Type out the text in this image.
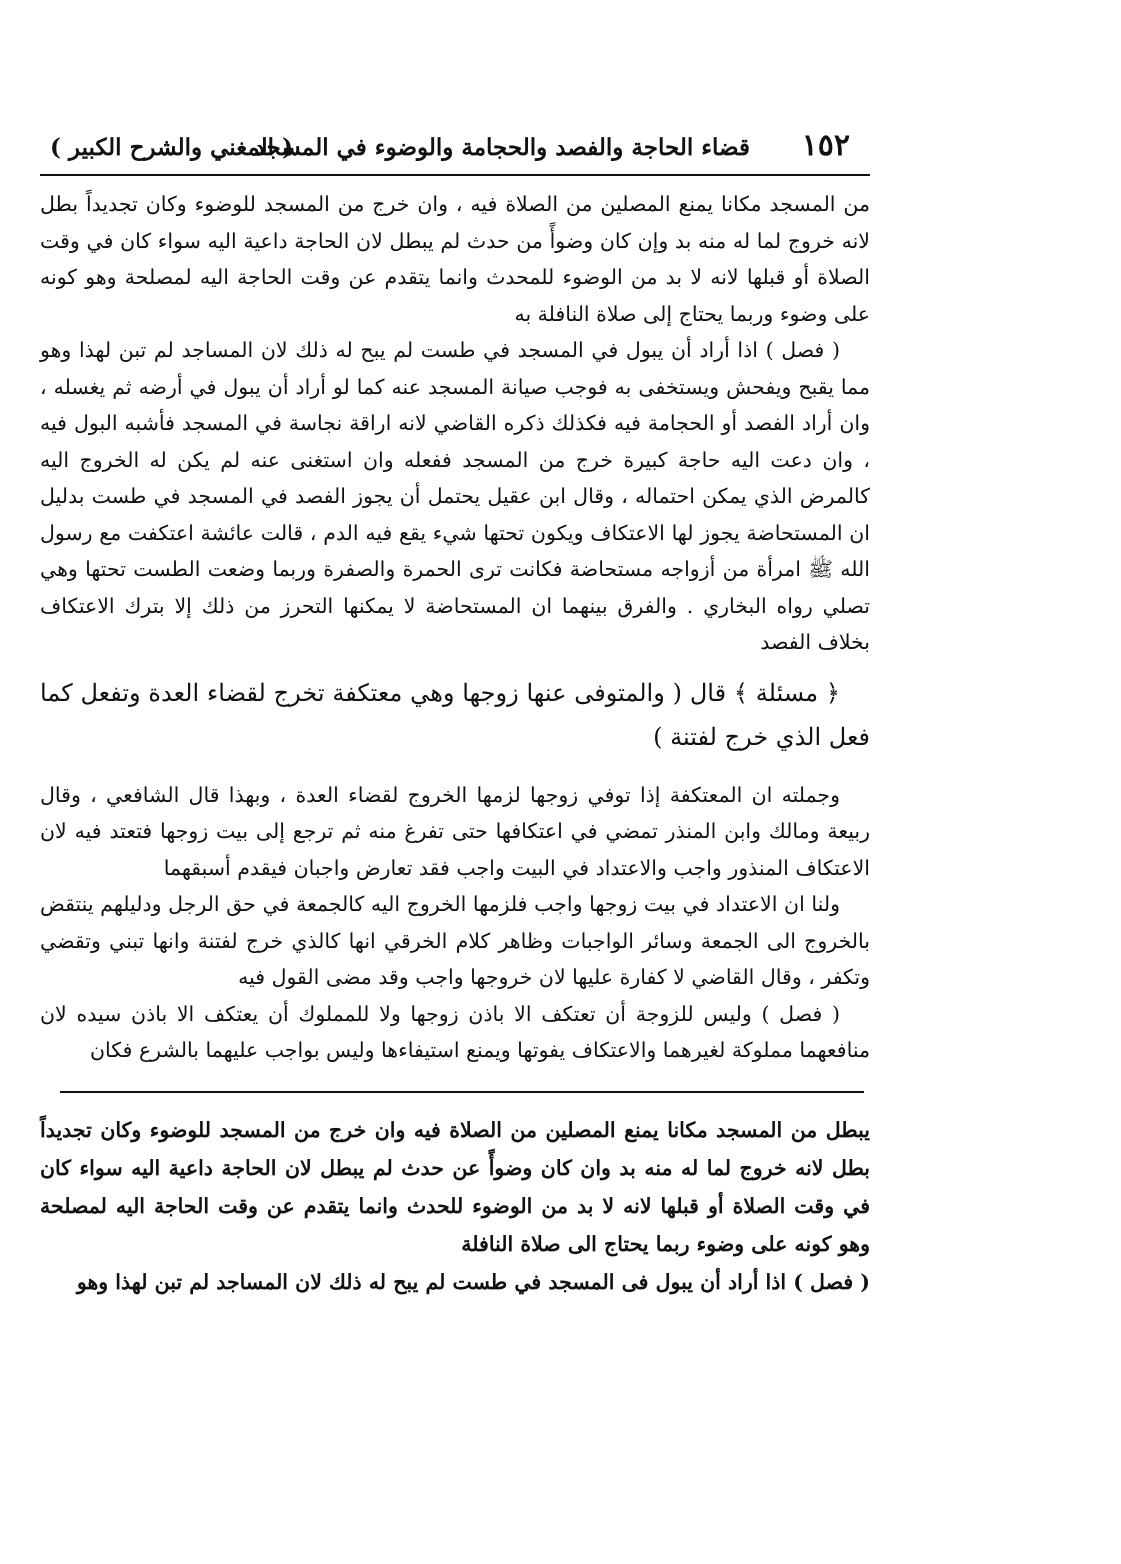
١٥٢
قضاء الحاجة والفصد والحجامة والوضوء في المسجد
( المغني والشرح الكبير )

من المسجد مكانا يمنع المصلين من الصلاة فيه ، وان خرج من المسجد للوضوء وكان تجديداً بطل لانه خروج لما له منه بد وإن كان وضوأً من حدث لم يبطل لان الحاجة داعية اليه سواء كان في وقت الصلاة أو قبلها لانه لا بد من الوضوء للمحدث وانما يتقدم عن وقت الحاجة اليه لمصلحة وهو كونه على وضوء وربما يحتاج إلى صلاة النافلة به

( فصل ) اذا أراد أن يبول في المسجد في طست لم يبح له ذلك لان المساجد لم تبن لهذا وهو مما يقبح ويفحش ويستخفى به فوجب صيانة المسجد عنه كما لو أراد أن يبول في أرضه ثم يغسله ، وان أراد الفصد أو الحجامة فيه فكذلك ذكره القاضي لانه اراقة نجاسة في المسجد فأشبه البول فيه ، وان دعت اليه حاجة كبيرة خرج من المسجد ففعله وان استغنى عنه لم يكن له الخروج اليه كالمرض الذي يمكن احتماله ، وقال ابن عقيل يحتمل أن يجوز الفصد في المسجد في طست بدليل ان المستحاضة يجوز لها الاعتكاف ويكون تحتها شيء يقع فيه الدم ، قالت عائشة اعتكفت مع رسول الله ﷺ امرأة من أزواجه مستحاضة فكانت ترى الحمرة والصفرة وربما وضعت الطست تحتها وهي تصلي رواه البخاري . والفرق بينهما ان المستحاضة لا يمكنها التحرز من ذلك إلا بترك الاعتكاف بخلاف الفصد

﴿ مسئلة ﴾ قال ( والمتوفى عنها زوجها وهي معتكفة تخرج لقضاء العدة وتفعل كما فعل الذي خرج لفتنة )

وجملته ان المعتكفة إذا توفي زوجها لزمها الخروج لقضاء العدة ، وبهذا قال الشافعي ، وقال ربيعة ومالك وابن المنذر تمضي في اعتكافها حتى تفرغ منه ثم ترجع إلى بيت زوجها فتعتد فيه لان الاعتكاف المنذور واجب والاعتداد في البيت واجب فقد تعارض واجبان فيقدم أسبقهما

ولنا ان الاعتداد في بيت زوجها واجب فلزمها الخروج اليه كالجمعة في حق الرجل ودليلهم ينتقض بالخروج الى الجمعة وسائر الواجبات وظاهر كلام الخرقي انها كالذي خرج لفتنة وانها تبني وتقضي وتكفر ، وقال القاضي لا كفارة عليها لان خروجها واجب وقد مضى القول فيه

( فصل ) وليس للزوجة أن تعتكف الا باذن زوجها ولا للمملوك أن يعتكف الا باذن سيده لان منافعهما مملوكة لغيرهما والاعتكاف يفوتها ويمنع استيفاءها وليس بواجب عليهما بالشرع فكان

يبطل من المسجد مكانا يمنع المصلين من الصلاة فيه وان خرج من المسجد للوضوء وكان تجديداً بطل لانه خروج لما له منه بد وان كان وضوأً عن حدث لم يبطل لان الحاجة داعية اليه سواء كان في وقت الصلاة أو قبلها لانه لا بد من الوضوء للحدث وانما يتقدم عن وقت الحاجة اليه لمصلحة وهو كونه على وضوء ربما يحتاج الى صلاة النافلة

( فصل ) اذا أراد أن يبول فى المسجد في طست لم يبح له ذلك لان المساجد لم تبن لهذا وهو
